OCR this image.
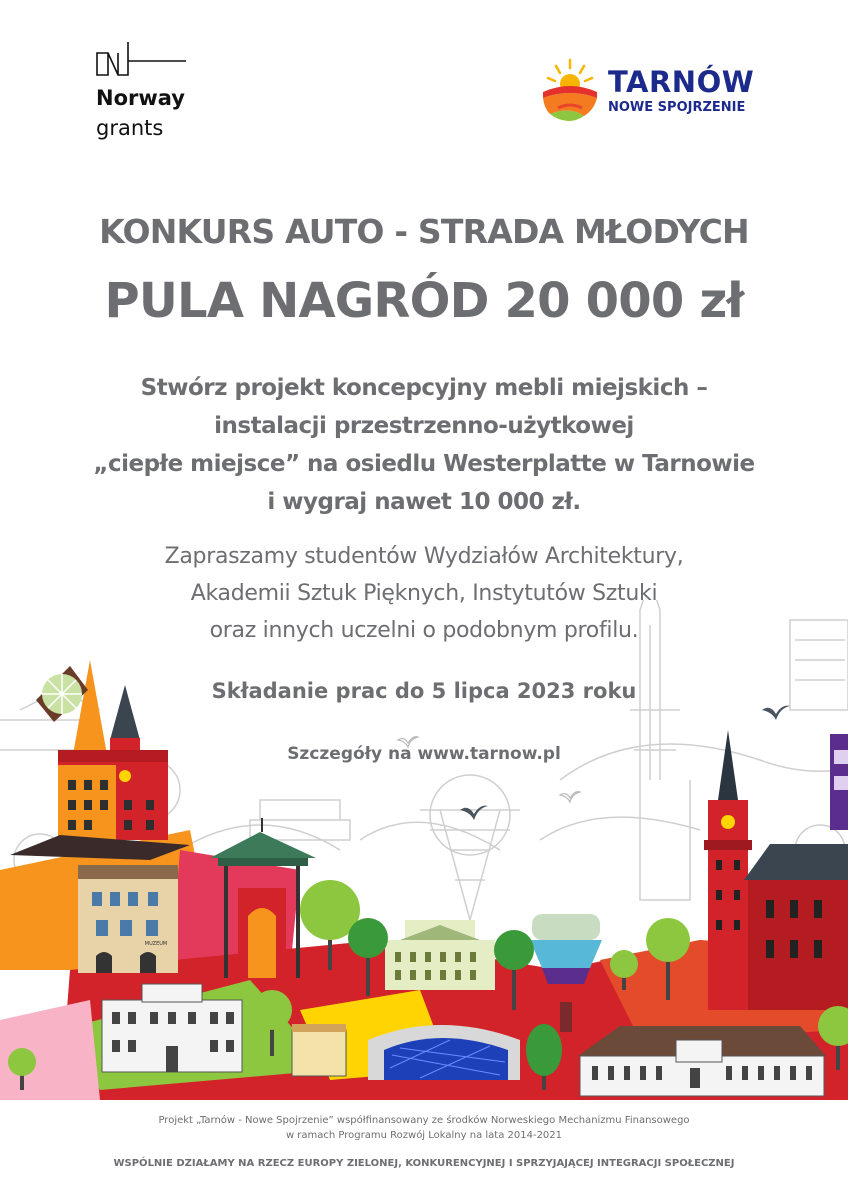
Norway
grants
TARNÓW
NOWE SPOJRZENIE
KONKURS AUTO - STRADA MŁODYCH
PULA NAGRÓD 20 000 zł
Stwórz projekt koncepcyjny mebli miejskich –
instalacji przestrzenno-użytkowej
„ciepłe miejsce” na osiedlu Westerplatte w Tarnowie
i wygraj nawet 10 000 zł.
MUZEUM
Zapraszamy studentów Wydziałów Architektury,
Akademii Sztuk Pięknych, Instytutów Sztuki
oraz innych uczelni o podobnym profilu.
Składanie prac do 5 lipca 2023 roku
Szczegóły na www.tarnow.pl
Projekt „Tarnów - Nowe Spojrzenie” współfinansowany ze środków Norweskiego Mechanizmu Finansowego
w ramach Programu Rozwój Lokalny na lata 2014-2021
WSPÓLNIE DZIAŁAMY NA RZECZ EUROPY ZIELONEJ, KONKURENCYJNEJ I SPRZYJAJĄCEJ INTEGRACJI SPOŁECZNEJ
